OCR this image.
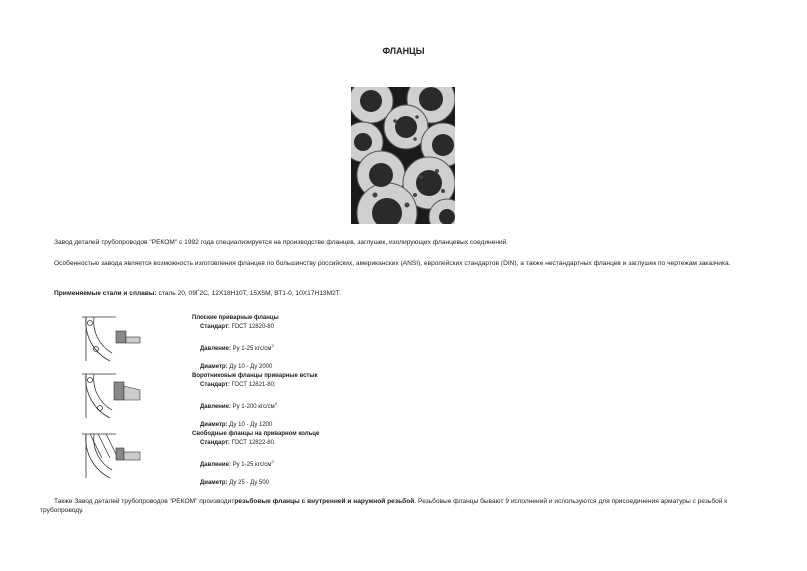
ФЛАНЦЫ
Завод деталей трубопроводов "РЕКОМ" с 1992 года специализируется на производстве фланцев, заглушек, изолирующих фланцевых соединений.
Особенностью завода является возможность изготовления фланцев по большинству российских, американских (ANSI), европейских стандартов (DIN), а также нестандартных фланцев и заглушек по чертежам заказчика.
Применяемые стали и сплавы: сталь 20, 09Г2С, 12Х18Н10Т, 15Х5М, ВТ1-0, 10Х17Н13М2Т.
Плоские приварные фланцы
Стандарт: ГОСТ 12820-80
Давление: Ру 1-25 кгс/$см^2$
Диаметр: Ду 10 - Ду 2000
Воротниковые фланцы приварные встык
Стандарт: ГОСТ 12821-80;
Давление: Ру 1-200 кгс/$см^2$
Диаметр: Ду 10 - Ду 1200
Свободные фланцы на приварном кольце
Стандарт: ГОСТ 12822-80.
Давление: Ру 1-25 кгс/$см^2$
Диаметр: Ду 25 - Ду 500
Также Завод деталей трубопроводов "РЕКОМ" производитрезьбовые фланцы с внутренней и наружной резьбой. Резьбовые фланцы бывают 9 исполнений и используются для присоединения арматуры с резьбой к трубопроводу.
